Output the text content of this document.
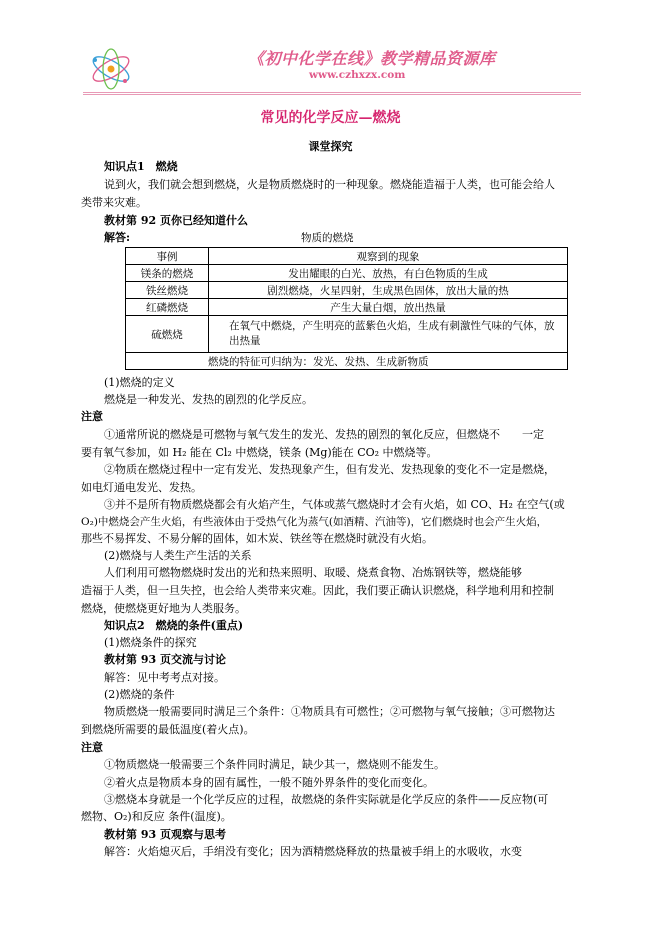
《初中化学在线》教学精品资源库
www.czhxzx.com
常见的化学反应—燃烧
课堂探究
知识点1　燃烧
说到火，我们就会想到燃烧，火是物质燃烧时的一种现象。燃烧能造福于人类，也可能会给人
类带来灾难。
教材第 92 页你已经知道什么
解答:	物质的燃烧
事例	观察到的现象
镁条的燃烧	发出耀眼的白光、放热，有白色物质的生成
铁丝燃烧	剧烈燃烧，火星四射，生成黑色固体，放出大量的热
红磷燃烧	产生大量白烟，放出热量
硫燃烧	在氧气中燃烧，产生明亮的蓝紫色火焰，生成有刺激性气味的气体，放出热量
燃烧的特征可归纳为：发光、发热、生成新物质	
(1)燃烧的定义
燃烧是一种发光、发热的剧烈的化学反应。
注意
①通常所说的燃烧是可燃物与氧气发生的发光、发热的剧烈的氧化反应，但燃烧不　　一定
要有氧气参加，如 H₂ 能在 Cl₂ 中燃烧，镁条 (Mg)能在 CO₂ 中燃烧等。
②物质在燃烧过程中一定有发光、发热现象产生，但有发光、发热现象的变化不一定是燃烧，
如电灯通电发光、发热。
③并不是所有物质燃烧都会有火焰产生，气体或蒸气燃烧时才会有火焰，如 CO、H₂ 在空气(或
O₂)中燃烧会产生火焰，有些液体由于受热气化为蒸气(如酒精、汽油等)，它们燃烧时也会产生火焰，
那些不易挥发、不易分解的固体，如木炭、铁丝等在燃烧时就没有火焰。
(2)燃烧与人类生产生活的关系
人们利用可燃物燃烧时发出的光和热来照明、取暖、烧煮食物、冶炼钢铁等，燃烧能够
造福于人类，但一旦失控，也会给人类带来灾难。因此，我们要正确认识燃烧，科学地利用和控制
燃烧，使燃烧更好地为人类服务。
知识点2　燃烧的条件(重点)
(1)燃烧条件的探究
教材第 93 页交流与讨论
解答：见中考考点对接。
(2)燃烧的条件
物质燃烧一般需要同时满足三个条件：①物质具有可燃性；②可燃物与氧气接触；③可燃物达
到燃烧所需要的最低温度(着火点)。
注意
①物质燃烧一般需要三个条件同时满足，缺少其一，燃烧则不能发生。
②着火点是物质本身的固有属性，一般不随外界条件的变化而变化。
③燃烧本身就是一个化学反应的过程，故燃烧的条件实际就是化学反应的条件——反应物(可
燃物、O₂)和反应 条件(温度)。
教材第 93 页观察与思考
解答：火焰熄灭后，手绢没有变化；因为酒精燃烧释放的热量被手绢上的水吸收，水变
